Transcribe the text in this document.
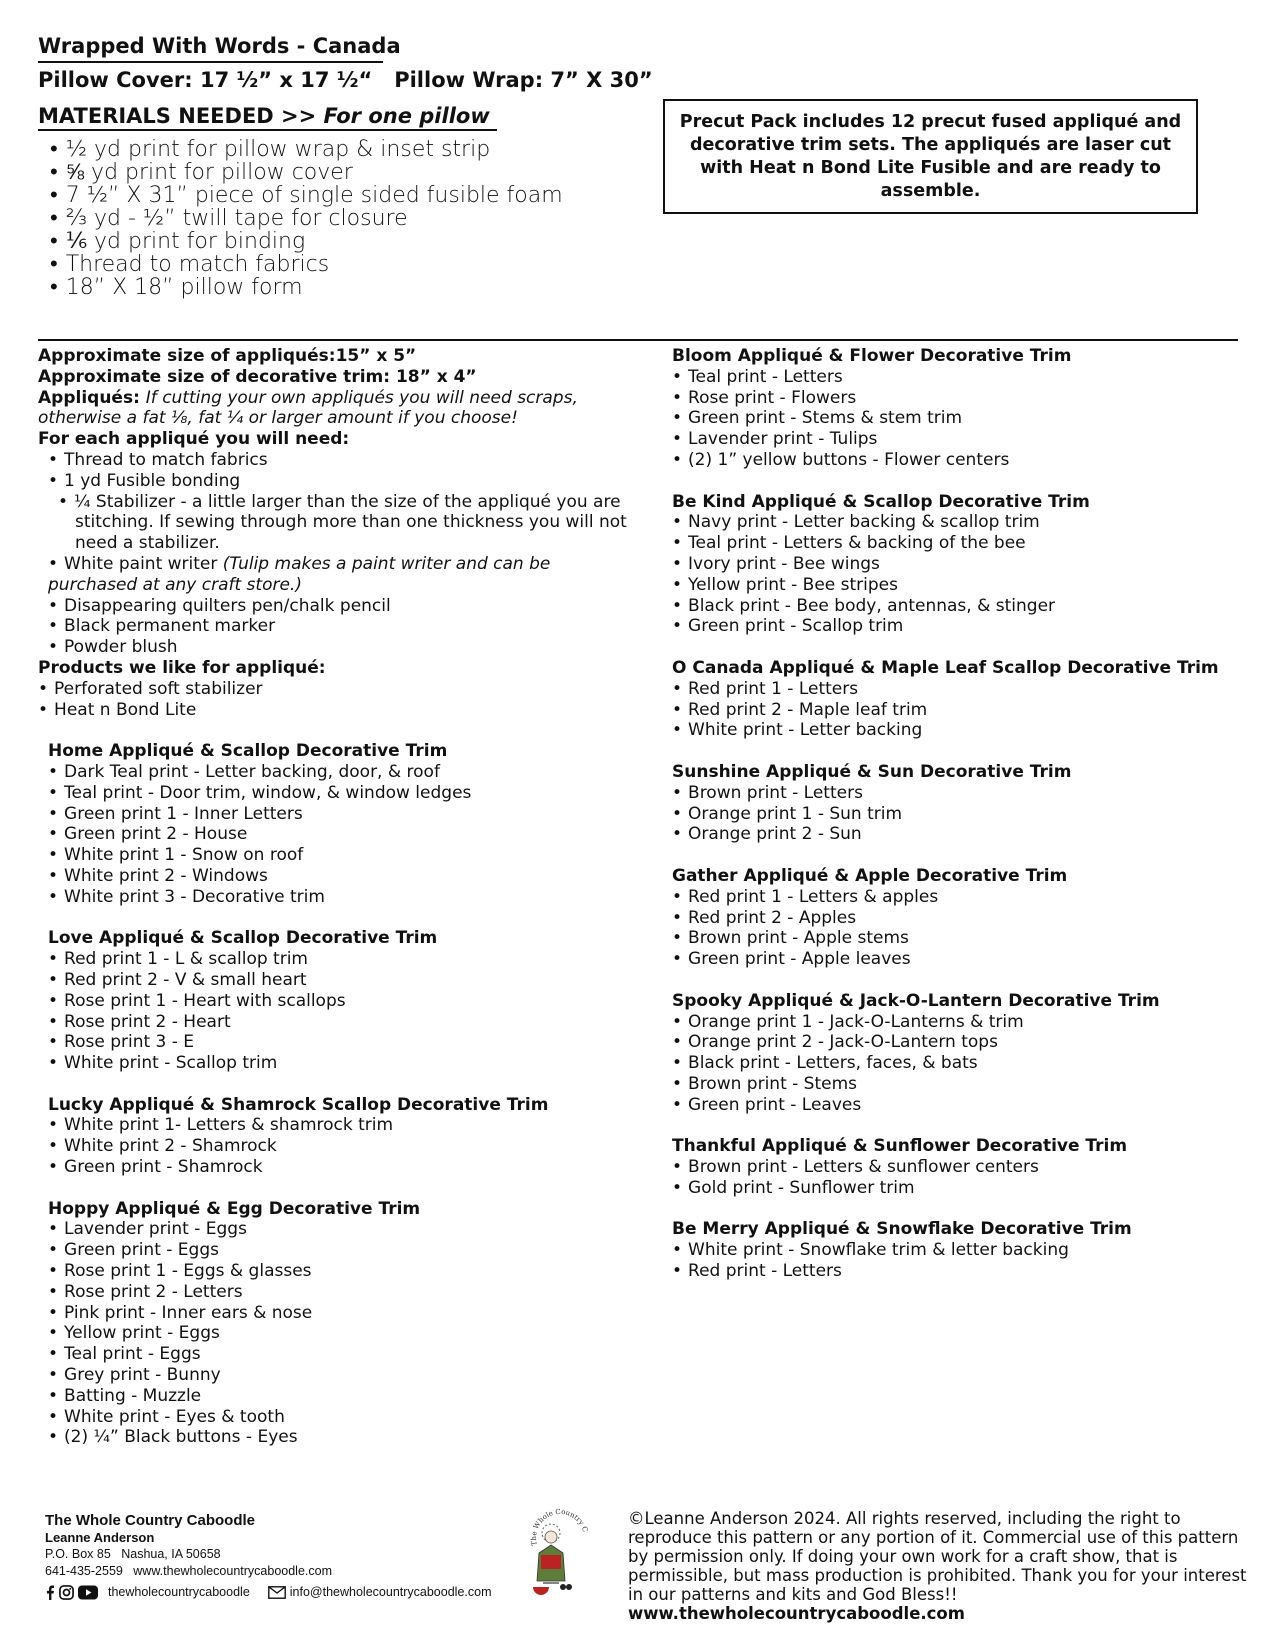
Wrapped With Words - Canada
Pillow Cover: 17 ½” x 17 ½“   Pillow Wrap: 7” X 30”
MATERIALS NEEDED >> For one pillow
• ½ yd print for pillow wrap & inset strip
• ⅝ yd print for pillow cover
• 7 ½” X 31” piece of single sided fusible foam
• ⅔ yd - ½” twill tape for closure
• ⅙ yd print for binding
• Thread to match fabrics
• 18” X 18” pillow form
Precut Pack includes 12 precut fused appliqué and decorative trim sets. The appliqués are laser cut with Heat n Bond Lite Fusible and are ready to assemble.

Approximate size of appliqués:15” x 5”

Approximate size of decorative trim: 18” x 4”

Appliqués: If cutting your own appliqués you will need scraps, otherwise a fat ⅛, fat ¼ or larger amount if you choose!

For each appliqué you will need:

• Thread to match fabrics
• 1 yd Fusible bonding
• ¼ Stabilizer - a little larger than the size of the appliqué you are stitching. If sewing through more than one thickness you will not need a stabilizer.

• White paint writer (Tulip makes a paint writer and can be purchased at any craft store.)

• Disappearing quilters pen/chalk pencil
• Black permanent marker
• Powder blush

Products we like for appliqué:

• Perforated soft stabilizer
• Heat n Bond Lite

Home Appliqué & Scallop Decorative Trim

• Dark Teal print - Letter backing, door, & roof
• Teal print - Door trim, window, & window ledges
• Green print 1 - Inner Letters
• Green print 2 - House
• White print 1 - Snow on roof
• White print 2 - Windows
• White print 3 - Decorative trim

Love Appliqué & Scallop Decorative Trim

• Red print 1 - L & scallop trim
• Red print 2 - V & small heart
• Rose print 1 - Heart with scallops
• Rose print 2 - Heart
• Rose print 3 - E
• White print - Scallop trim

Lucky Appliqué & Shamrock Scallop Decorative Trim

• White print 1- Letters & shamrock trim
• White print 2 - Shamrock
• Green print - Shamrock

Hoppy Appliqué & Egg Decorative Trim

• Lavender print - Eggs
• Green print - Eggs
• Rose print 1 - Eggs & glasses
• Rose print 2 - Letters
• Pink print - Inner ears & nose
• Yellow print - Eggs
• Teal print - Eggs
• Grey print - Bunny
• Batting - Muzzle
• White print - Eyes & tooth
• (2) ¼” Black buttons - Eyes

Bloom Appliqué & Flower Decorative Trim

• Teal print - Letters
• Rose print - Flowers
• Green print - Stems & stem trim
• Lavender print - Tulips
• (2) 1” yellow buttons - Flower centers

Be Kind Appliqué & Scallop Decorative Trim

• Navy print - Letter backing & scallop trim
• Teal print - Letters & backing of the bee
• Ivory print - Bee wings
• Yellow print - Bee stripes
• Black print - Bee body, antennas, & stinger
• Green print - Scallop trim

O Canada Appliqué & Maple Leaf Scallop Decorative Trim

• Red print 1 - Letters
• Red print 2 - Maple leaf trim
• White print - Letter backing

Sunshine Appliqué & Sun Decorative Trim

• Brown print - Letters
• Orange print 1 - Sun trim
• Orange print 2 - Sun

Gather Appliqué & Apple Decorative Trim

• Red print 1 - Letters & apples
• Red print 2 - Apples
• Brown print - Apple stems
• Green print - Apple leaves

Spooky Appliqué & Jack-O-Lantern Decorative Trim

• Orange print 1 - Jack-O-Lanterns & trim
• Orange print 2 - Jack-O-Lantern tops
• Black print - Letters, faces, & bats
• Brown print - Stems
• Green print - Leaves

Thankful Appliqué & Sunflower Decorative Trim

• Brown print - Letters & sunflower centers
• Gold print - Sunflower trim

Be Merry Appliqué & Snowflake Decorative Trim

• White print - Snowflake trim & letter backing
• Red print - Letters
The Whole Country Caboodle
Leanne Anderson
P.O. Box 85 Nashua, IA 50658
641-435-2559 www.thewholecountrycaboodle.com
thewholecountrycaboodle	info@thewholecountrycaboodle.com
The Whole Country C
©Leanne Anderson 2024. All rights reserved, including the right to reproduce this pattern or any portion of it. Commercial use of this pattern by permission only. If doing your own work for a craft show, that is permissible, but mass production is prohibited. Thank you for your interest in our patterns and kits and God Bless!! www.thewholecountrycaboodle.com
